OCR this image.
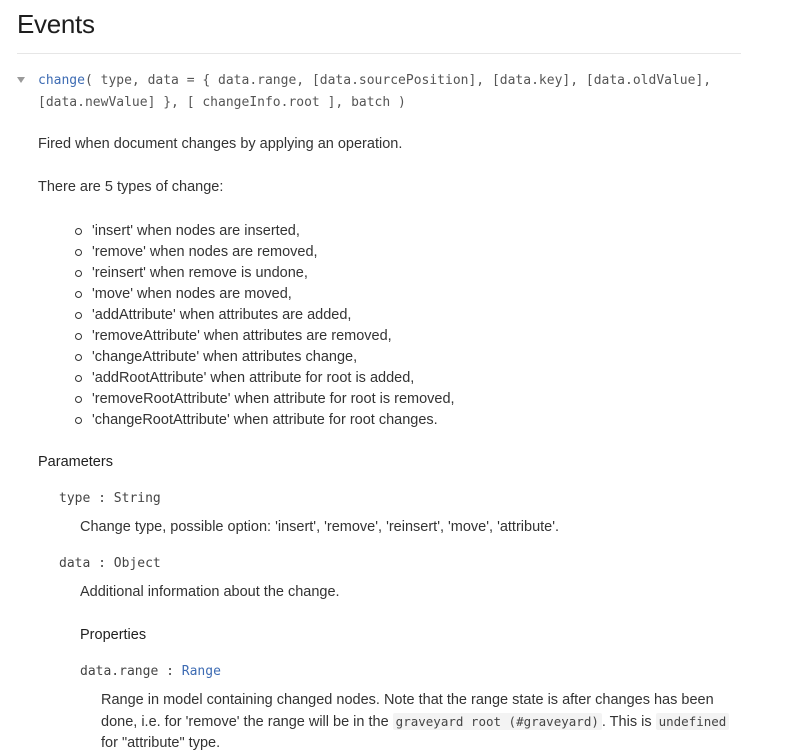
Events
change( type, data = { data.range, [data.sourcePosition], [data.key], [data.oldValue],
[data.newValue] }, [ changeInfo.root ], batch )

Fired when document changes by applying an operation.

There are 5 types of change:

'insert' when nodes are inserted,
'remove' when nodes are removed,
'reinsert' when remove is undone,
'move' when nodes are moved,
'addAttribute' when attributes are added,
'removeAttribute' when attributes are removed,
'changeAttribute' when attributes change,
'addRootAttribute' when attribute for root is added,
'removeRootAttribute' when attribute for root is removed,
'changeRootAttribute' when attribute for root changes.
Parameters
type : String

Change type, possible option: 'insert', 'remove', 'reinsert', 'move', 'attribute'.

data : Object

Additional information about the change.

Properties
data.range : Range

Range in model containing changed nodes. Note that the range state is after changes has been done, i.e. for 'remove' the range will be in the graveyard root (#graveyard) . This is undefined for "attribute" type.
